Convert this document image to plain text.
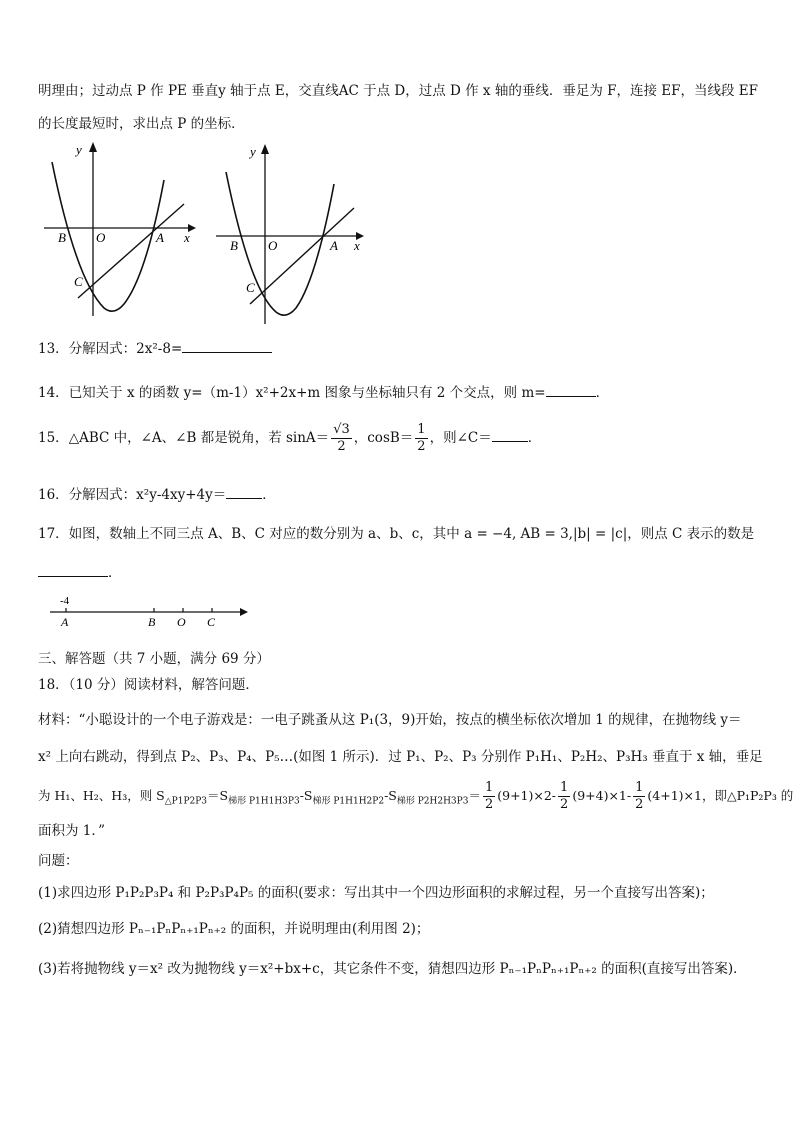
明理由；过动点 P 作 PE 垂直y 轴于点 E，交直线AC 于点 D，过点 D 作 x 轴的垂线．垂足为 F，连接 EF，当线段 EF
的长度最短时，求出点 P 的坐标．
y
x
B O	A
C
y
x
B O	A
C
13．分解因式：2x²-8=
14．已知关于 x 的函数 y=（m-1）x²+2x+m 图象与坐标轴只有 2 个交点，则 m=	．
15．△ABC 中，∠A、∠B 都是锐角，若 $\sin A= \frac{√3}{2}$ ，$\cos B= \frac{1}{2}$ ，则∠C＝	．
16．分解因式：x²y-4xy+4y＝	．
17．如图，数轴上不同三点 A、B、C 对应的数分别为 a、b、c，其中 a = −4, AB = 3,|b| = |c|，则点 C 表示的数是
．
-4
A	B O C
三、解答题（共 7 小题，满分 69 分）
18．（10 分）阅读材料，解答问题．
材料：“小聪设计的一个电子游戏是：一电子跳蚤从这 P₁(3，9)开始，按点的横坐标依次增加 1 的规律，在抛物线 y＝
x² 上向右跳动，得到点 P₂、P₃、P₄、P₅…(如图 1 所示)．过 P₁、P₂、P₃ 分别作 P₁H₁、P₂H₂、P₃H₃ 垂直于 x 轴，垂足
为 H₁、H₂、H₃，则 $S_{\triangle P1P2P3}=S_{梯形 P1H1H3P3}-S_{梯形 P1H1H2P2}-S_{梯形 P2H2H3P3}= \frac{1}{2} (9+1)\times 2- \frac{1}{2} (9+4)\times 1- \frac{1}{2} (4+1)\times 1$，即△P₁P₂P₃ 的
面积为 1．”
问题：
(1)求四边形 P₁P₂P₃P₄ 和 P₂P₃P₄P₅ 的面积(要求：写出其中一个四边形面积的求解过程，另一个直接写出答案)；
(2)猜想四边形 Pₙ₋₁PₙPₙ₊₁Pₙ₊₂ 的面积，并说明理由(利用图 2)；
(3)若将抛物线 y＝x² 改为抛物线 y＝x²+bx+c，其它条件不变，猜想四边形 Pₙ₋₁PₙPₙ₊₁Pₙ₊₂ 的面积(直接写出答案)．
